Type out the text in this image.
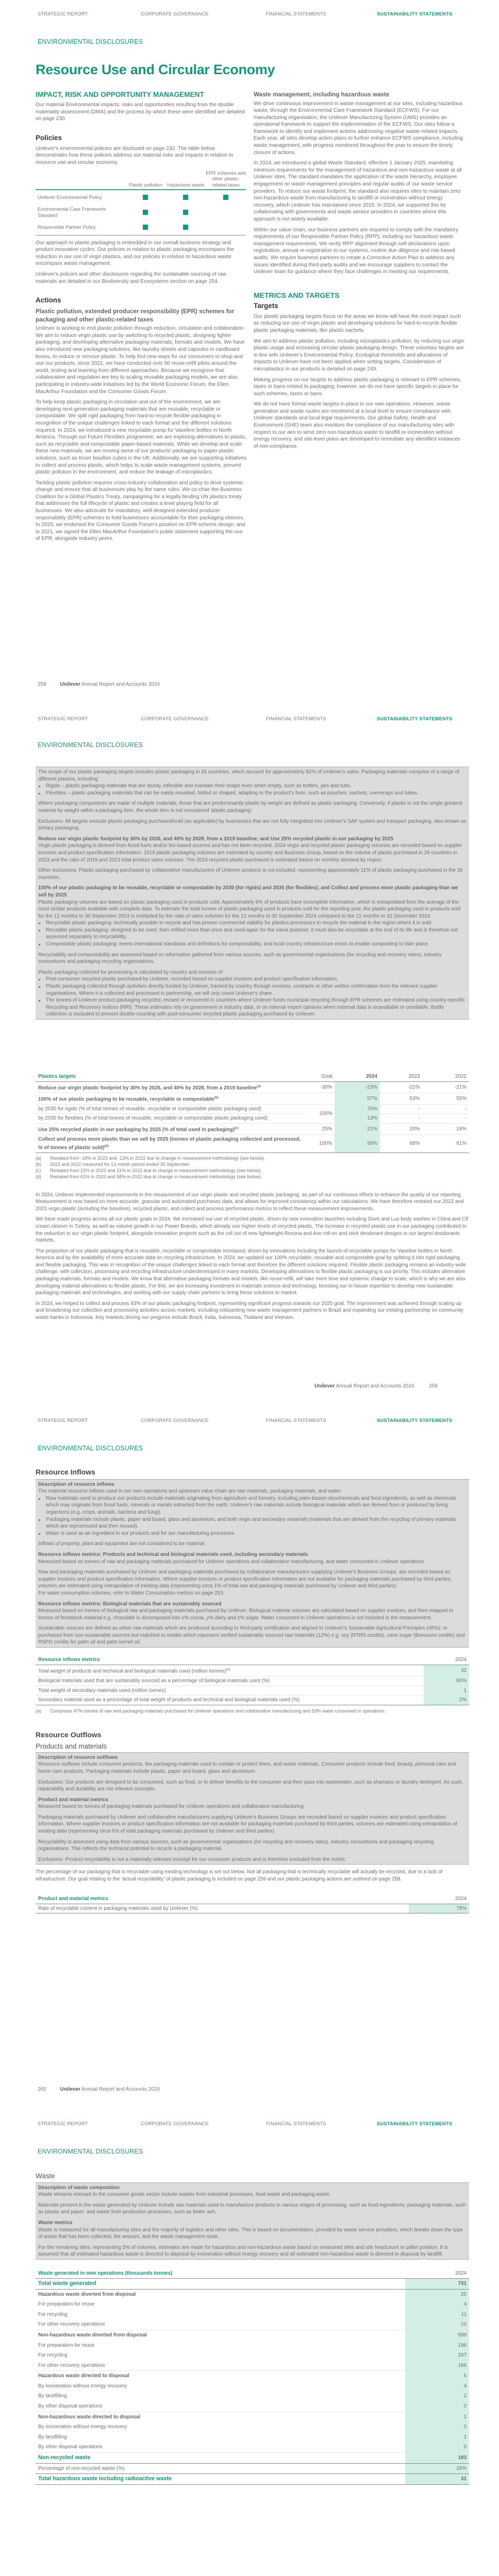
STRATEGIC REPORT	CORPORATE GOVERNANCE	FINANCIAL STATEMENTS	SUSTAINABILITY STATEMENTS
ENVIRONMENTAL DISCLOSURES
Resource Use and Circular Economy
IMPACT, RISK AND OPPORTUNITY MANAGEMENT

Our material Environmental impacts, risks and opportunities resulting from the double materiality assessment (DMA) and the process by which these were identified are detailed on page 230.

Policies

Unilever's environmental policies are disclosed on page 232. The table below demonstrates how these policies address our material risks and impacts in relation to resource use and circular economy.

	Plastic pollution	Hazardous waste	EPR schemes and other plastic-related taxes
Unilever Environmental Policy	

Environmental Care Framework Standard	

Responsible Partner Policy	

Our approach to plastic packaging is embedded in our overall business strategy and product innovation cycles. Our policies in relation to plastic packaging encompass the reduction in our use of virgin plastics, and our policies in relation to hazardous waste encompass waste management.

Unilever's policies and other disclosures regarding the sustainable sourcing of raw materials are detailed in our Biodiversity and Ecosystems section on page 254.

Actions
Plastic pollution, extended producer responsibility (EPR) schemes for packaging and other plastic-related taxes

Unilever is working to end plastic pollution through reduction, circulation and collaboration. We aim to reduce virgin plastic use by switching to recycled plastic, designing lighter packaging, and developing alternative packaging materials, formats and models. We have also introduced new packaging solutions, like laundry sheets and capsules in cardboard boxes, to reduce or remove plastic. To help find new ways for our consumers to shop and use our products, since 2021, we have conducted over 50 reuse-refill pilots around the world, testing and learning from different approaches. Because we recognise that collaboration and regulation are key to scaling reusable packaging models, we are also participating in industry-wide initiatives led by the World Economic Forum, the Ellen MacArthur Foundation and the Consumer Goods Forum.

To help keep plastic packaging in circulation and out of the environment, we are developing next-generation packaging materials that are reusable, recyclable or compostable. We split rigid packaging from hard-to-recycle flexible packaging in recognition of the unique challenges linked to each format and the different solutions required. In 2024, we introduced a new recyclable pump for Vaseline bottles in North America. Through our Future Flexibles programme, we are exploring alternatives to plastic, such as recyclable and compostable paper-based materials. While we develop and scale these new materials, we are moving some of our products' packaging to paper-plastic solutions, such as Knorr bouillon cubes in the UK. Additionally, we are supporting initiatives to collect and process plastic, which helps to scale waste management systems, prevent plastic pollution in the environment, and reduce the leakage of microplastics.

Tackling plastic pollution requires cross-industry collaboration and policy to drive systemic change and ensure that all businesses play by the same rules. We co-chair the Business Coalition for a Global Plastics Treaty, campaigning for a legally binding UN plastics treaty that addresses the full lifecycle of plastic and creates a level playing field for all businesses. We also advocate for mandatory, well-designed extended producer responsibility (EPR) schemes to hold businesses accountable for their packaging choices. In 2020, we endorsed the Consumer Goods Forum's position on EPR scheme design, and in 2021, we signed the Ellen MacArthur Foundation's public statement supporting the use of EPR, alongside industry peers.

Waste management, including hazardous waste

We drive continuous improvement in waste management at our sites, including hazardous waste, through the Environmental Care Framework Standard (ECFWS). For our manufacturing organisation, the Unilever Manufacturing System (UMS) provides an operational framework to support the implementation of the ECFWS. Our sites follow a framework to identify and implement actions addressing negative waste-related impacts. Each year, all sites develop action plans to further enhance ECFWS compliance, including waste management, with progress monitored throughout the year to ensure the timely closure of actions.

In 2024, we introduced a global Waste Standard, effective 1 January 2025, mandating minimum requirements for the management of hazardous and non-hazardous waste at all Unilever sites. The standard mandates the application of the waste hierarchy, employee engagement on waste management principles and regular audits of our waste service providers. To reduce our waste footprint, the standard also requires sites to maintain zero non-hazardous waste from manufacturing to landfill or incineration without energy recovery, which Unilever has maintained since 2015. In 2024, we supported this by collaborating with governments and waste service providers in countries where this approach is not widely available.

Within our value chain, our business partners are required to comply with the mandatory requirements of our Responsible Partner Policy (RPP), including our hazardous waste management requirements. We verify RPP alignment through self-declarations upon registration, annual re-registration to our systems, routine due diligence and risk-based audits. We require business partners to create a Corrective Action Plan to address any issues identified during third-party audits and we encourage suppliers to contact the Unilever team for guidance where they face challenges in meeting our requirements.

METRICS AND TARGETS
Targets

Our plastic packaging targets focus on the areas we know will have the most impact such as reducing our use of virgin plastic and developing solutions for hard-to-recycle flexible plastic packaging materials, like plastic sachets.

We aim to address plastic pollution, including microplastics pollution, by reducing our virgin plastic usage and increasing circular plastic packaging design. These voluntary targets are in line with Unilever's Environmental Policy. Ecological thresholds and allocations of impacts to Unilever have not been applied when setting targets. Consideration of microplastics in our products is detailed on page 249.

Making progress on our targets to address plastic packaging is relevant to EPR schemes, taxes or bans related to packaging; however, we do not have specific targets in place for such schemes, taxes or bans.

We do not have formal waste targets in place in our own operations. However, waste generation and waste routes are monitored at a local level to ensure compliance with Unilever standards and local legal requirements. Our global Safety, Health and Environment (SHE) team also monitors the compliance of our manufacturing sites with respect to our aim to send zero non-hazardous waste to landfill or incineration without energy recovery, and site-level plans are developed to remediate any identified instances of non-compliance.

258	Unilever Annual Report and Accounts 2024
STRATEGIC REPORT	CORPORATE GOVERNANCE	FINANCIAL STATEMENTS	SUSTAINABILITY STATEMENTS
ENVIRONMENTAL DISCLOSURES

The scope of our plastic packaging targets includes plastic packaging in 26 countries, which account for approximately 82% of Unilever's sales. Packaging materials comprise of a range of different plastics, including:

Rigids – plastic packaging materials that are sturdy, inflexible and maintain their shape even when empty, such as bottles, jars and tubs.
Flexibles – plastic packaging materials that can be easily moulded, folded or shaped, adapting to the product's form, such as pouches, sachets, overwraps and tubes.

Where packaging components are made of multiple materials, those that are predominantly plastic by weight are defined as plastic packaging. Conversely, if plastic is not the single greatest material by weight within a packaging item, the whole item is not considered 'plastic packaging'.

Exclusions: All targets exclude plastic packaging purchased/sold (as applicable) by businesses that are not fully integrated into Unilever's SAP system and transport packaging, also known as tertiary packaging.

Reduce our virgin plastic footprint by 30% by 2026, and 40% by 2028, from a 2019 baseline; and Use 25% recycled plastic in our packaging by 2025
Virgin plastic packaging is derived from fossil fuels and/or bio-based sources and has not been recycled. 2024 virgin and recycled plastic packaging volumes are recorded based on supplier invoices and product specification information. 2019 plastic packaging volumes are estimated by country and Business Group, based on the volume of plastic purchased in 26 countries in 2023 and the ratio of 2019 and 2023 total product sales volumes. The 2019 recycled plastic purchased is estimated based on monthly demand by region.

Other exclusions: Plastic packaging purchased by collaborative manufacturers of Unilever products is not included, representing approximately 11% of plastic packaging purchased in the 26 countries.

100% of our plastic packaging to be reusable, recyclable or compostable by 2030 (for rigids) and 2035 (for flexibles); and Collect and process more plastic packaging than we sell by 2025
Plastic packaging volumes are based on plastic packaging used in products sold. Approximately 6% of products have incomplete information, which is extrapolated from the average of the most similar products available with complete data. To estimate the total tonnes of plastic packaging used in products sold for the reporting year, the plastic packaging used in products sold for the 12 months to 30 September 2024 is multiplied by the ratio of sales volumes for the 12 months to 30 September 2024 compared to the 12 months to 31 December 2024.

Recyclable plastic packaging: technically possible to recycle and has proven commercial viability for plastics processors to recycle the material in the region where it is sold.
Reusable plastic packaging: designed to be used, then refilled more than once and used again for the same purpose; it must also be recyclable at the end of its life and is therefore not assessed separately to recyclability.
Compostable plastic packaging: meets international standards and definitions for compostability, and local country infrastructure exists to enable composting to take place.

Recyclability and compostability are assessed based on information gathered from various sources, such as governmental organisations (for recycling and recovery rates), industry consortiums and packaging recycling organisations.

Plastic packaging collected for processing is calculated by country and consists of:

Post-consumer recycled plastic purchased by Unilever, recorded based on supplier invoices and product specification information.
Plastic packaging collected through activities directly funded by Unilever, tracked by country through invoices, contracts or other written confirmation from the relevant supplier organisations. Where it is collected and processed in partnership, we will only count Unilever's share.
The tonnes of Unilever product packaging recycled, reused or recovered in countries where Unilever funds municipal recycling through EPR schemes are estimated using country-specific Recycling and Recovery Indices (RRI). These estimates rely on government or industry data, or on internal expert opinions when external data is unavailable or unreliable. Bottle collection is excluded to prevent double-counting with post-consumer recycled plastic packaging purchased by Unilever.
Plastics targets	Goal	2024	2023	2022
Reduce our virgin plastic footprint by 30% by 2026, and 40% by 2028, from a 2019 baseline$^{(a)}$	-30%	-23%	-21%	-21%
100% of our plastic packaging to be reusable, recyclable or compostable$^{(b)}$		57%	53%	55%
by 2030 for rigids (% of total tonnes of reusable, recyclable or compostable plastic packaging used)	100%	76%	-	-
by 2035 for flexibles (% of total tonnes of reusable, recyclable or compostable plastic packaging used)		13%	-	-
Use 25% recycled plastic in our packaging by 2025 (% of total used in packaging)$^{(c)}$	25%	21%	20%	18%
Collect and process more plastic than we sell by 2025 (tonnes of plastic packaging collected and processed, % of tonnes of plastic sold)$^{(d)}$	100%	93%	68%	61%
(a) Restated from -18% in 2023 and -13% in 2022 due to change in measurement methodology (see below).
(b) 2023 and 2022 measured for 12-month period ended 30 September.
(c) Restated from 22% in 2023 and 21% in 2022 due to change in measurement methodology (see below).
(d) Restated from 61% in 2023 and 58% in 2022 due to change in measurement methodology (see below).

In 2024, Unilever implemented improvements in the measurement of our virgin plastic and recycled plastic packaging, as part of our continuous efforts to enhance the quality of our reporting. Measurement is now based on more accurate, granular and automated purchases data, and allows for improved consistency within our calculations. We have therefore restated our 2022 and 2023 virgin plastic (including the baseline), recycled plastic, and collect and process performance metrics to reflect these measurement improvements.

We have made progress across all our plastic goals in 2024. We increased our use of recycled plastic, driven by new innovation launches including Dove and Lux body washes in China and Cif cream cleaner in Turkey, as well as volume growth in our Power Brands, which already use higher levels of recycled plastic. The increase in recycled plastic use in our packaging contributed to the reduction in our virgin plastic footprint, alongside innovation projects such as the roll out of new lightweight Rexona and Axe roll-on and stick deodorant designs in our largest deodorants markets.

The proportion of our plastic packaging that is reusable, recyclable or compostable increased, driven by innovations including the launch of recyclable pumps for Vaseline bottles in North America and by the availability of more accurate data on recycling infrastructure. In 2024, we updated our 100% recyclable, reusable and compostable goal by splitting it into rigid packaging and flexible packaging. This was in recognition of the unique challenges linked to each format and therefore the different solutions required. Flexible plastic packaging remains an industry-wide challenge, with collection, processing and recycling infrastructure underdeveloped in many markets. Developing alternatives to flexible plastic packaging is our priority. This includes alternative packaging materials, formats and models. We know that alternative packaging formats and models, like reuse-refill, will take more time and systemic change to scale, which is why we are also developing material alternatives to flexible plastic. For this, we are increasing investment in materials science and technology, boosting our in-house expertise to develop new sustainable packaging materials and technologies, and working with our supply chain partners to bring these solutions to market.

In 2024, we helped to collect and process 93% of our plastic packaging footprint, representing significant progress towards our 2025 goal. The improvement was achieved through scaling up and broadening our collection and processing activities across markets, including onboarding new waste management partners in Brazil and expanding our existing partnership on community waste banks in Indonesia. Key markets driving our progress include Brazil, India, Indonesia, Thailand and Vietnam.

Unilever Annual Report and Accounts 2024	259
STRATEGIC REPORT	CORPORATE GOVERNANCE	FINANCIAL STATEMENTS	SUSTAINABILITY STATEMENTS
ENVIRONMENTAL DISCLOSURES
Resource Inflows

Description of resource inflows
The material resource inflows used in our own operations and upstream value chain are raw materials, packaging materials, and water:

Raw materials used to produce our products include materials originating from agriculture and forestry, including palm-based oleochemicals and food ingredients, as well as chemicals which may originate from fossil fuels, minerals or metals extracted from the earth. Unilever's raw materials include biological materials which are derived from or produced by living organisms (e.g. crops, animals, bacteria and fungi).
Packaging materials include plastic, paper and board, glass and aluminium, and both virgin and secondary materials (materials that are derived from the recycling of primary materials which are reprocessed and then reused).
Water is used as an ingredient in our products and for our manufacturing processes.

Inflows of property, plant and equipment are not considered to be material.

Resource inflows metrics: Products and technical and biological materials used, including secondary materials
Measured based on tonnes of raw and packaging materials purchased for Unilever operations and collaborative manufacturing, and water consumed in Unilever operations.

Raw and packaging materials purchased by Unilever and packaging materials purchased by collaborative manufacturers supplying Unilever's Business Groups, are recorded based on supplier invoices and product specification information. Where supplier invoices or product specification information are not available for packaging materials purchased by third parties, volumes are estimated using extrapolation of existing data (representing circa 1% of total raw and packaging materials purchased by Unilever and third parties).
For water consumption volumes, refer to Water Consumption metrics on page 253.

Resource inflows metrics: Biological materials that are sustainably sourced
Measured based on tonnes of biological raw and packaging materials purchased by Unilever. Biological material volumes are calculated based on supplier invoices, and then mapped to tonnes of feedstock material e.g. chocolate is decomposed into x% cocoa, y% dairy and z% sugar. Water consumed in Unilever operations is not included in the measurement.

Sustainable sources are defined as either raw materials which are produced according to third-party certification and aligned to Unilever's Sustainable Agricultural Principles (48%); or purchased from non-sustainable sources but matched to credits which represent verified sustainably sourced raw materials (12%) e.g. soy (RTRS credits), cane sugar (Bonsucro credits) and RSPO credits for palm oil and palm kernel oil.

Resource inflows metrics	2024
Total weight of products and technical and biological materials used (million tonnes)$^{(a)}$	32
Biological materials used that are sustainably sourced as a percentage of biological materials used (%)	60%
Total weight of secondary materials used (million tonnes)	1
Secondary material used as a percentage of total weight of products and technical and biological materials used (%)	2%
(a) Comprises 47% tonnes of raw and packaging materials purchased for Unilever operations and collaborative manufacturing and 53% water consumed in operations.
Resource Outflows
Products and materials

Description of resource outflows
Resource outflows include consumer products, the packaging materials used to contain or protect them, and waste materials. Consumer products include food, beauty, personal care and home care products. Packaging materials include plastic, paper and board, glass and aluminium.

Exclusions: Our products are designed to be consumed, such as food, or to deliver benefits to the consumer and then pass into wastewater, such as shampoo or laundry detergent. As such, repairability and durability are not relevant concepts.

Product and material metrics
Measured based on tonnes of packaging materials purchased for Unilever operations and collaborative manufacturing.

Packaging materials purchased by Unilever and collaborative manufacturers supplying Unilever's Business Groups are recorded based on supplier invoices and product specification information. Where supplier invoices or product specification information are not available for packaging materials purchased by third parties, volumes are estimated using extrapolation of existing data (representing circa 6% of total packaging materials purchased by Unilever and third parties).

Recyclability is assessed using data from various sources, such as governmental organisations (for recycling and recovery rates), industry consortiums and packaging recycling organisations. This reflects the technical potential to recycle a packaging material.

Exclusions: Product recyclability is not a materially relevant concept for our consumer products and is therefore excluded from the metric.

The percentage of our packaging that is recyclable using existing technology is set out below. Not all packaging that is technically recyclable will actually be recycled, due to a lack of infrastructure. Our goal relating to the 'actual recyclability' of plastic packaging is included on page 259 and our plastic packaging actions are outlined on page 258.

Product and material metrics	2024
Rate of recyclable content in packaging materials used by Unilever (%)	78%
260	Unilever Annual Report and Accounts 2024
STRATEGIC REPORT	CORPORATE GOVERNANCE	FINANCIAL STATEMENTS	SUSTAINABILITY STATEMENTS
ENVIRONMENTAL DISCLOSURES
Waste

Description of waste composition
Waste streams relevant to the consumer goods sector include wastes from industrial processes, food waste and packaging waste.

Materials present in the waste generated by Unilever include raw materials used to manufacture products in various stages of processing, such as food ingredients; packaging materials, such as plastic and paper; and waste from production processes, such as boiler ash.

Waste metrics
Waste is measured for all manufacturing sites and the majority of logistics and other sites. This is based on documentation, provided by waste service providers, which breaks down the type of waste that has been collected, the amount, and the waste management route.

For the remaining sites, representing 5% of volumes, estimates are made for hazardous and non-hazardous waste based on measured sites and site headcount or pallet position. It is assumed that all estimated hazardous waste is directed to disposal by incineration without energy recovery and all estimated non-hazardous waste is directed to disposal by landfill.

Waste generated in own operations (thousands tonnes)	2024
Total waste generated	731
Hazardous waste diverted from disposal	25
For preparation for reuse	4
For recycling	11
For other recovery operations	10
Non-hazardous waste diverted from disposal	699
For preparation for reuse	196
For recycling	337
For other recovery operations	166
Hazardous waste directed to disposal	6
By incineration without energy recovery	4
By landfilling	2
By other disposal operations	0
Non-hazardous waste directed to disposal	1
By incineration without energy recovery	0
By landfilling	1
By other disposal operations	0
Non-recycled waste	183
Percentage of non-recycled waste (%)	25%
Total hazardous waste including radioactive waste	31
